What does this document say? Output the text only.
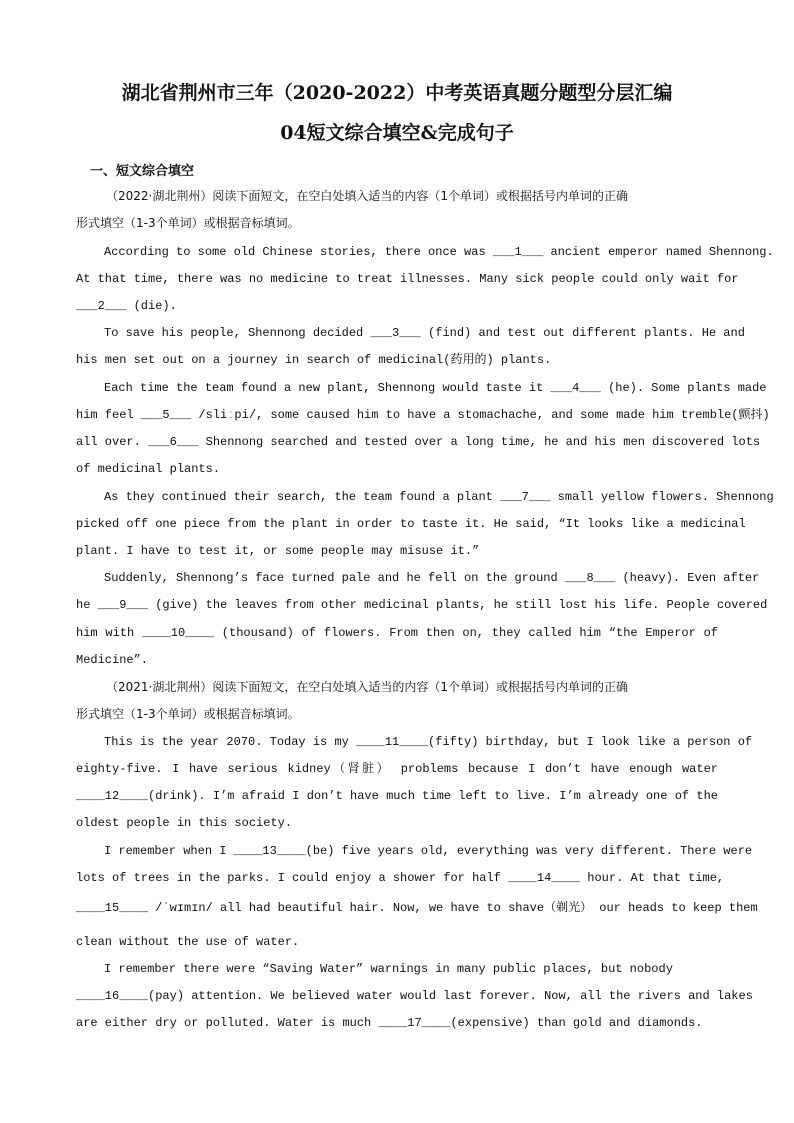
湖北省荆州市三年（2020-2022）中考英语真题分题型分层汇编
04短文综合填空&完成句子
一、短文综合填空
（2022·湖北荆州）阅读下面短文，在空白处填入适当的内容（1个单词）或根据括号内单词的正确
形式填空（1-3个单词）或根据音标填词。
According to some old Chinese stories, there once was ___1___ ancient emperor named Shennong.
At that time, there was no medicine to treat illnesses. Many sick people could only wait for
___2___ (die).
To save his people, Shennong decided ___3___ (find) and test out different plants. He and
his men set out on a journey in search of medicinal(药用的) plants.
Each time the team found a new plant, Shennong would taste it ___4___ (he). Some plants made
him feel ___5___ /sliːpi/, some caused him to have a stomachache, and some made him tremble(颤抖)
all over. ___6___ Shennong searched and tested over a long time, he and his men discovered lots
of medicinal plants.
As they continued their search, the team found a plant ___7___ small yellow flowers. Shennong
picked off one piece from the plant in order to taste it. He said, “It looks like a medicinal
plant. I have to test it, or some people may misuse it.”
Suddenly, Shennong’s face turned pale and he fell on the ground ___8___ (heavy). Even after
he ___9___ (give) the leaves from other medicinal plants, he still lost his life. People covered
him with ____10____ (thousand) of flowers. From then on, they called him “the Emperor of
Medicine”.
（2021·湖北荆州）阅读下面短文，在空白处填入适当的内容（1个单词）或根据括号内单词的正确
形式填空（1-3个单词）或根据音标填词。
This is the year 2070. Today is my ____11____(fifty) birthday, but I look like a person of
eighty-five. I have serious kidney（肾脏） problems because I don’t have enough water
____12____(drink). I’m afraid I don’t have much time left to live. I’m already one of the
oldest people in this society.
I remember when I ____13____(be) five years old, everything was very different. There were
lots of trees in the parks. I could enjoy a shower for half ____14____ hour. At that time,
____15____ /ˈwɪmɪn/ all had beautiful hair. Now, we have to shave（剃光） our heads to keep them
clean without the use of water.
I remember there were “Saving Water” warnings in many public places, but nobody
____16____(pay) attention. We believed water would last forever. Now, all the rivers and lakes
are either dry or polluted. Water is much ____17____(expensive) than gold and diamonds.
